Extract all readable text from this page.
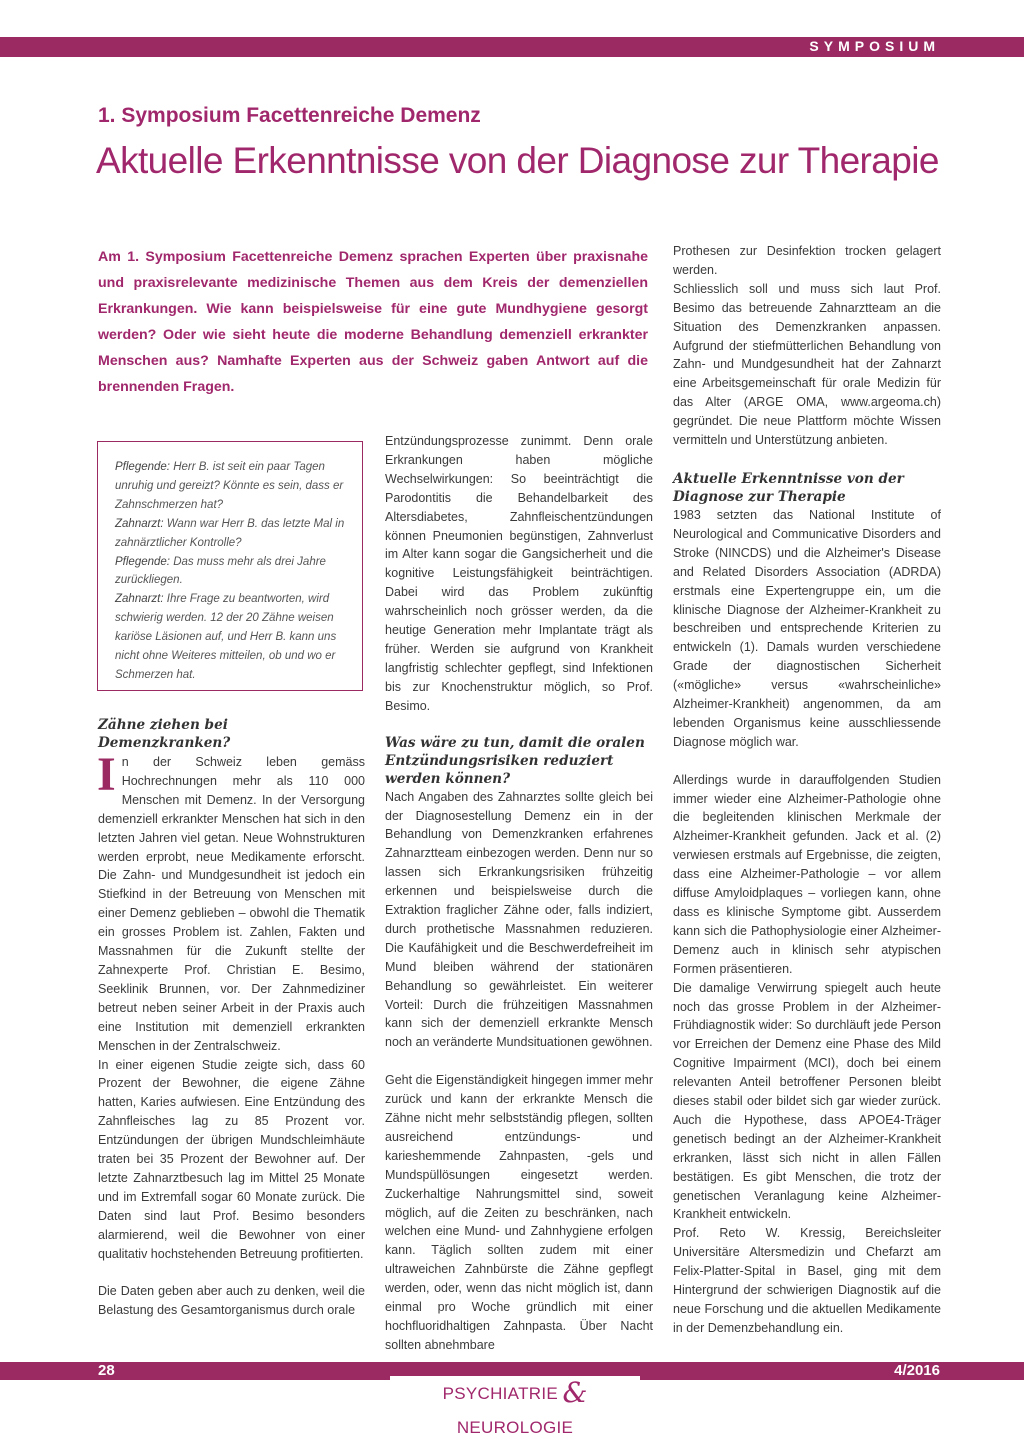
SYMPOSIUM
1. Symposium Facettenreiche Demenz
Aktuelle Erkenntnisse von der Diagnose zur Therapie
Am 1. Symposium Facettenreiche Demenz sprachen Experten über praxisnahe und praxisrelevante medizinische Themen aus dem Kreis der demenziellen Erkrankungen. Wie kann beispielsweise für eine gute Mundhygiene gesorgt werden? Oder wie sieht heute die moderne Behandlung demenziell erkrankter Menschen aus? Namhafte Experten aus der Schweiz gaben Antwort auf die brennenden Fragen.

Pflegende: Herr B. ist seit ein paar Tagen unruhig und gereizt? Könnte es sein, dass er Zahnschmerzen hat?

Zahnarzt: Wann war Herr B. das letzte Mal in zahnärztlicher Kontrolle?

Pflegende: Das muss mehr als drei Jahre zurückliegen.

Zahnarzt: Ihre Frage zu beantworten, wird schwierig werden. 12 der 20 Zähne weisen kariöse Läsionen auf, und Herr B. kann uns nicht ohne Weiteres mitteilen, ob und wo er Schmerzen hat.

Zähne ziehen bei Demenzkranken?

In der Schweiz leben gemäss Hochrechnungen mehr als 110 000 Menschen mit Demenz. In der Versorgung demenziell erkrankter Menschen hat sich in den letzten Jahren viel getan. Neue Wohnstrukturen werden erprobt, neue Medikamente erforscht. Die Zahn- und Mundgesundheit ist jedoch ein Stiefkind in der Betreuung von Menschen mit einer Demenz geblieben – obwohl die Thematik ein grosses Problem ist. Zahlen, Fakten und Massnahmen für die Zukunft stellte der Zahnexperte Prof. Christian E. Besimo, Seeklinik Brunnen, vor. Der Zahnmediziner betreut neben seiner Arbeit in der Praxis auch eine Institution mit demenziell erkrankten Menschen in der Zentralschweiz.

In einer eigenen Studie zeigte sich, dass 60 Prozent der Bewohner, die eigene Zähne hatten, Karies aufwiesen. Eine Entzündung des Zahnfleisches lag zu 85 Prozent vor. Entzündungen der übrigen Mundschleimhäute traten bei 35 Prozent der Bewohner auf. Der letzte Zahnarztbesuch lag im Mittel 25 Monate und im Extremfall sogar 60 Monate zurück. Die Daten sind laut Prof. Besimo besonders alarmierend, weil die Bewohner von einer qualitativ hochstehenden Betreuung profitierten.

Die Daten geben aber auch zu denken, weil die Belastung des Gesamtorganismus durch orale

Entzündungsprozesse zunimmt. Denn orale Erkrankungen haben mögliche Wechselwirkungen: So beeinträchtigt die Parodontitis die Behandelbarkeit des Altersdiabetes, Zahnfleischentzündungen können Pneumonien begünstigen, Zahnverlust im Alter kann sogar die Gangsicherheit und die kognitive Leistungsfähigkeit beinträchtigen. Dabei wird das Problem zukünftig wahrscheinlich noch grösser werden, da die heutige Generation mehr Implantate trägt als früher. Werden sie aufgrund von Krankheit langfristig schlechter gepflegt, sind Infektionen bis zur Knochenstruktur möglich, so Prof. Besimo.

Was wäre zu tun, damit die oralen Entzündungsrisiken reduziert werden können?

Nach Angaben des Zahnarztes sollte gleich bei der Diagnosestellung Demenz ein in der Behandlung von Demenzkranken erfahrenes Zahnarztteam einbezogen werden. Denn nur so lassen sich Erkrankungsrisiken frühzeitig erkennen und beispielsweise durch die Extraktion fraglicher Zähne oder, falls indiziert, durch prothetische Massnahmen reduzieren. Die Kaufähigkeit und die Beschwerdefreiheit im Mund bleiben während der stationären Behandlung so gewährleistet. Ein weiterer Vorteil: Durch die frühzeitigen Massnahmen kann sich der demenziell erkrankte Mensch noch an veränderte Mundsituationen gewöhnen.

Geht die Eigenständigkeit hingegen immer mehr zurück und kann der erkrankte Mensch die Zähne nicht mehr selbstständig pflegen, sollten ausreichend entzündungs- und karieshemmende Zahnpasten, -gels und Mundspüllösungen eingesetzt werden. Zuckerhaltige Nahrungsmittel sind, soweit möglich, auf die Zeiten zu beschränken, nach welchen eine Mund- und Zahnhygiene erfolgen kann. Täglich sollten zudem mit einer ultraweichen Zahnbürste die Zähne gepflegt werden, oder, wenn das nicht möglich ist, dann einmal pro Woche gründlich mit einer hochfluoridhaltigen Zahnpasta. Über Nacht sollten abnehmbare

Prothesen zur Desinfektion trocken gelagert werden.

Schliesslich soll und muss sich laut Prof. Besimo das betreuende Zahnarztteam an die Situation des Demenzkranken anpassen. Aufgrund der stiefmütterlichen Behandlung von Zahn- und Mundgesundheit hat der Zahnarzt eine Arbeitsgemeinschaft für orale Medizin für das Alter (ARGE OMA, www.argeoma.ch) gegründet. Die neue Plattform möchte Wissen vermitteln und Unterstützung anbieten.

Aktuelle Erkenntnisse von der Diagnose zur Therapie

1983 setzten das National Institute of Neurological and Communicative Disorders and Stroke (NINCDS) und die Alzheimer's Disease and Related Disorders Association (ADRDA) erstmals eine Expertengruppe ein, um die klinische Diagnose der Alzheimer-Krankheit zu beschreiben und entsprechende Kriterien zu entwickeln (1). Damals wurden verschiedene Grade der diagnostischen Sicherheit («mögliche» versus «wahrscheinliche» Alzheimer-Krankheit) angenommen, da am lebenden Organismus keine ausschliessende Diagnose möglich war.

Allerdings wurde in darauffolgenden Studien immer wieder eine Alzheimer-Pathologie ohne die begleitenden klinischen Merkmale der Alzheimer-Krankheit gefunden. Jack et al. (2) verwiesen erstmals auf Ergebnisse, die zeigten, dass eine Alzheimer-Pathologie – vor allem diffuse Amyloidplaques – vorliegen kann, ohne dass es klinische Symptome gibt. Ausserdem kann sich die Pathophysiologie einer Alzheimer-Demenz auch in klinisch sehr atypischen Formen präsentieren.

Die damalige Verwirrung spiegelt auch heute noch das grosse Problem in der Alzheimer-Frühdiagnostik wider: So durchläuft jede Person vor Erreichen der Demenz eine Phase des Mild Cognitive Impairment (MCI), doch bei einem relevanten Anteil betroffener Personen bleibt dieses stabil oder bildet sich gar wieder zurück. Auch die Hypothese, dass APOE4-Träger genetisch bedingt an der Alzheimer-Krankheit erkranken, lässt sich nicht in allen Fällen bestätigen. Es gibt Menschen, die trotz der genetischen Veranlagung keine Alzheimer-Krankheit entwickeln.

Prof. Reto W. Kressig, Bereichsleiter Universitäre Altersmedizin und Chefarzt am Felix-Platter-Spital in Basel, ging mit dem Hintergrund der schwierigen Diagnostik auf die neue Forschung und die aktuellen Medikamente in der Demenzbehandlung ein.

28	4/2016
PSYCHIATRIE & NEUROLOGIE
